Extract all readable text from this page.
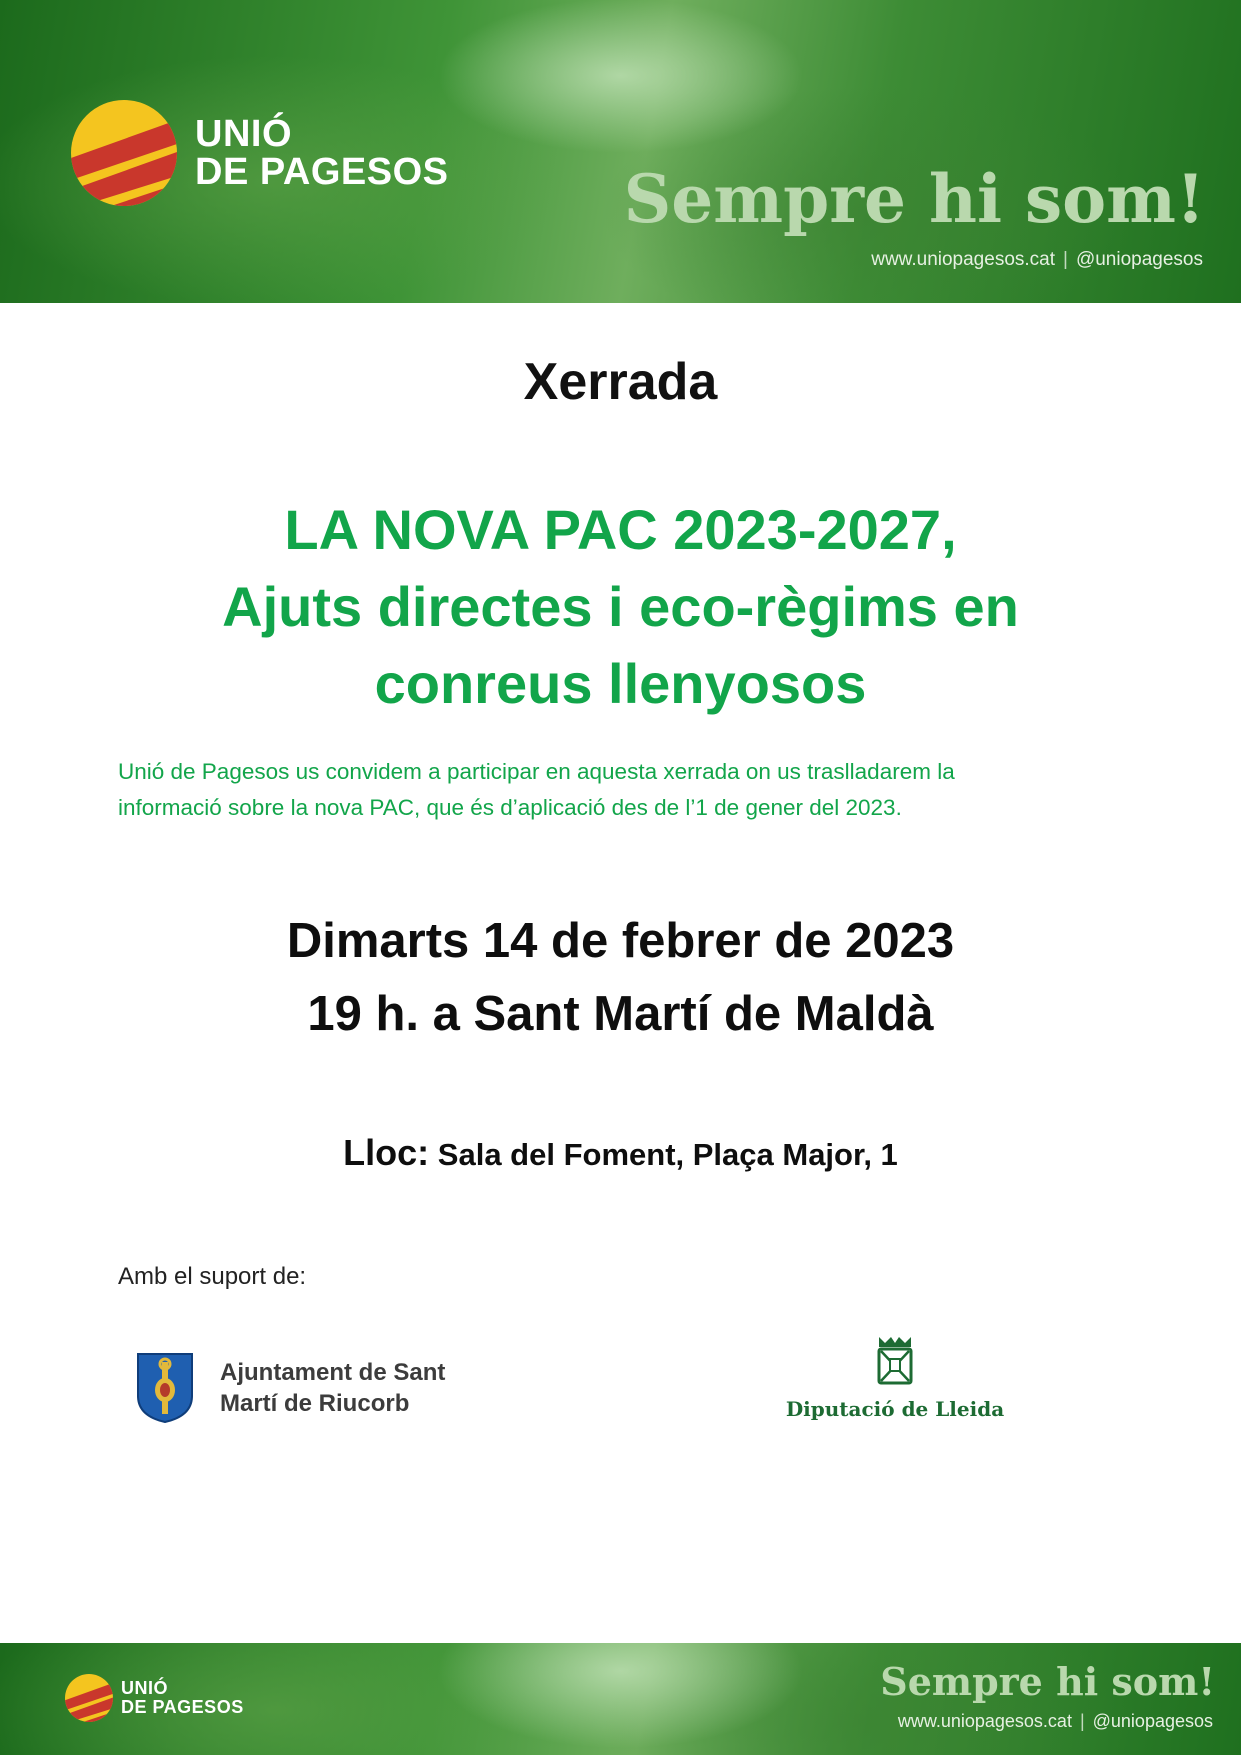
UNIÓ
DE PAGESOS	Sempre hi som!
www.uniopagesos.cat | @uniopagesos
Xerrada
LA NOVA PAC 2023-2027,
Ajuts directes i eco-règims en
conreus llenyosos
Unió de Pagesos us convidem a participar en aquesta xerrada on us traslladarem la
informació sobre la nova PAC, que és d’aplicació des de l’1 de gener del 2023.
Dimarts 14 de febrer de 2023
19 h. a Sant Martí de Maldà
Lloc: Sala del Foment, Plaça Major, 1
Amb el suport de:
Ajuntament de Sant
Martí de Riucorb	Diputació de Lleida
UNIÓ
DE PAGESOS
Sempre hi som!
www.uniopagesos.cat | @uniopagesos
